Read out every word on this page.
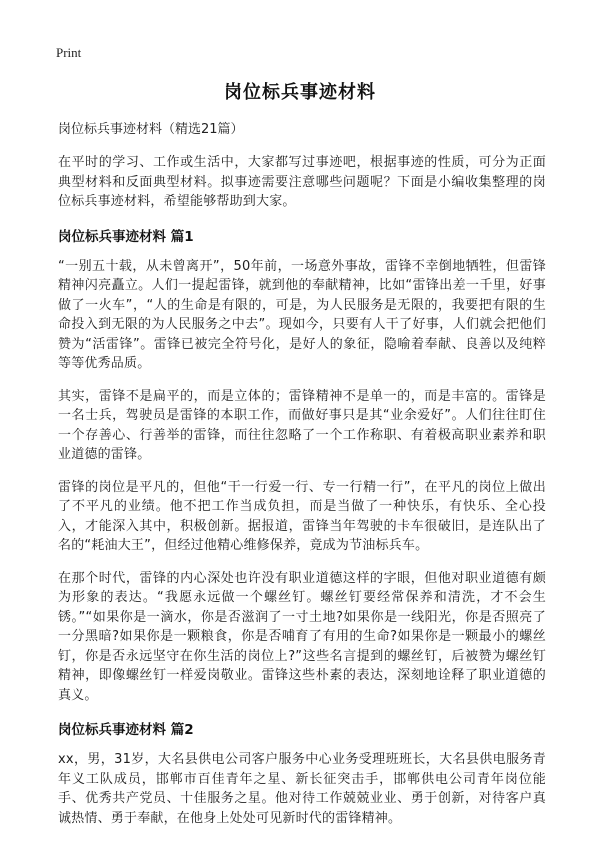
Print
岗位标兵事迹材料
岗位标兵事迹材料（精选21篇）

在平时的学习、工作或生活中，大家都写过事迹吧，根据事迹的性质，可分为正面典型材料和反面典型材料。拟事迹需要注意哪些问题呢？下面是小编收集整理的岗位标兵事迹材料，希望能够帮助到大家。

岗位标兵事迹材料 篇1

“一别五十载，从未曾离开”，50年前，一场意外事故，雷锋不幸倒地牺牲，但雷锋精神闪亮矗立。人们一提起雷锋，就到他的奉献精神，比如“雷锋出差一千里，好事做了一火车”，“人的生命是有限的，可是，为人民服务是无限的，我要把有限的生命投入到无限的为人民服务之中去”。现如今，只要有人干了好事，人们就会把他们赞为“活雷锋”。雷锋已被完全符号化，是好人的象征，隐喻着奉献、良善以及纯粹等等优秀品质。

其实，雷锋不是扁平的，而是立体的；雷锋精神不是单一的，而是丰富的。雷锋是一名士兵，驾驶员是雷锋的本职工作，而做好事只是其“业余爱好”。人们往往盯住一个存善心、行善举的雷锋，而往往忽略了一个工作称职、有着极高职业素养和职业道德的雷锋。

雷锋的岗位是平凡的，但他“干一行爱一行、专一行精一行”，在平凡的岗位上做出了不平凡的业绩。他不把工作当成负担，而是当做了一种快乐，有快乐、全心投入，才能深入其中，积极创新。据报道，雷锋当年驾驶的卡车很破旧，是连队出了名的“耗油大王”，但经过他精心维修保养，竟成为节油标兵车。

在那个时代，雷锋的内心深处也许没有职业道德这样的字眼，但他对职业道德有颇为形象的表达。“我愿永远做一个螺丝钉。螺丝钉要经常保养和清洗，才不会生锈。”“如果你是一滴水，你是否滋润了一寸土地?如果你是一线阳光，你是否照亮了一分黑暗?如果你是一颗粮食，你是否哺育了有用的生命?如果你是一颗最小的螺丝钉，你是否永远坚守在你生活的岗位上?”这些名言提到的螺丝钉，后被赞为螺丝钉精神，即像螺丝钉一样爱岗敬业。雷锋这些朴素的表达，深刻地诠释了职业道德的真义。

岗位标兵事迹材料 篇2

xx，男，31岁，大名县供电公司客户服务中心业务受理班班长，大名县供电服务青年义工队成员，邯郸市百佳青年之星、新长征突击手，邯郸供电公司青年岗位能手、优秀共产党员、十佳服务之星。他对待工作兢兢业业、勇于创新，对待客户真诚热情、勇于奉献，在他身上处处可见新时代的雷锋精神。
